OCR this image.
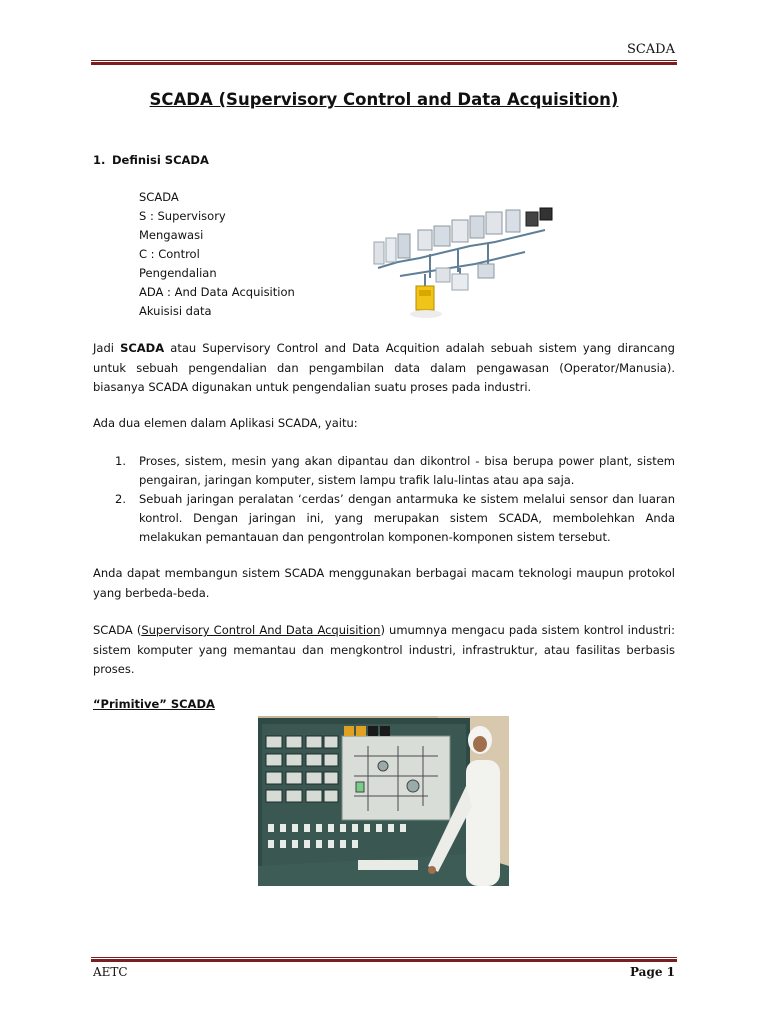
SCADA
SCADA (Supervisory Control and Data Acquisition)
1. Definisi SCADA
SCADA
S : Supervisory
Mengawasi
C : Control
Pengendalian
ADA : And Data Acquisition
Akuisisi data
Jadi SCADA atau Supervisory Control and Data Acquition adalah sebuah sistem yang dirancang untuk sebuah pengendalian dan pengambilan data dalam pengawasan (Operator/Manusia). biasanya SCADA digunakan untuk pengendalian suatu proses pada industri.
Ada dua elemen dalam Aplikasi SCADA, yaitu:
1. Proses, sistem, mesin yang akan dipantau dan dikontrol - bisa berupa power plant, sistem pengairan, jaringan komputer, sistem lampu trafik lalu-lintas atau apa saja.
2. Sebuah jaringan peralatan ‘cerdas’ dengan antarmuka ke sistem melalui sensor dan luaran kontrol. Dengan jaringan ini, yang merupakan sistem SCADA, membolehkan Anda melakukan pemantauan dan pengontrolan komponen-komponen sistem tersebut.
Anda dapat membangun sistem SCADA menggunakan berbagai macam teknologi maupun protokol yang berbeda-beda.
SCADA (Supervisory Control And Data Acquisition) umumnya mengacu pada sistem kontrol industri: sistem komputer yang memantau dan mengkontrol industri, infrastruktur, atau fasilitas berbasis proses.
“Primitive” SCADA
AETC	Page 1
